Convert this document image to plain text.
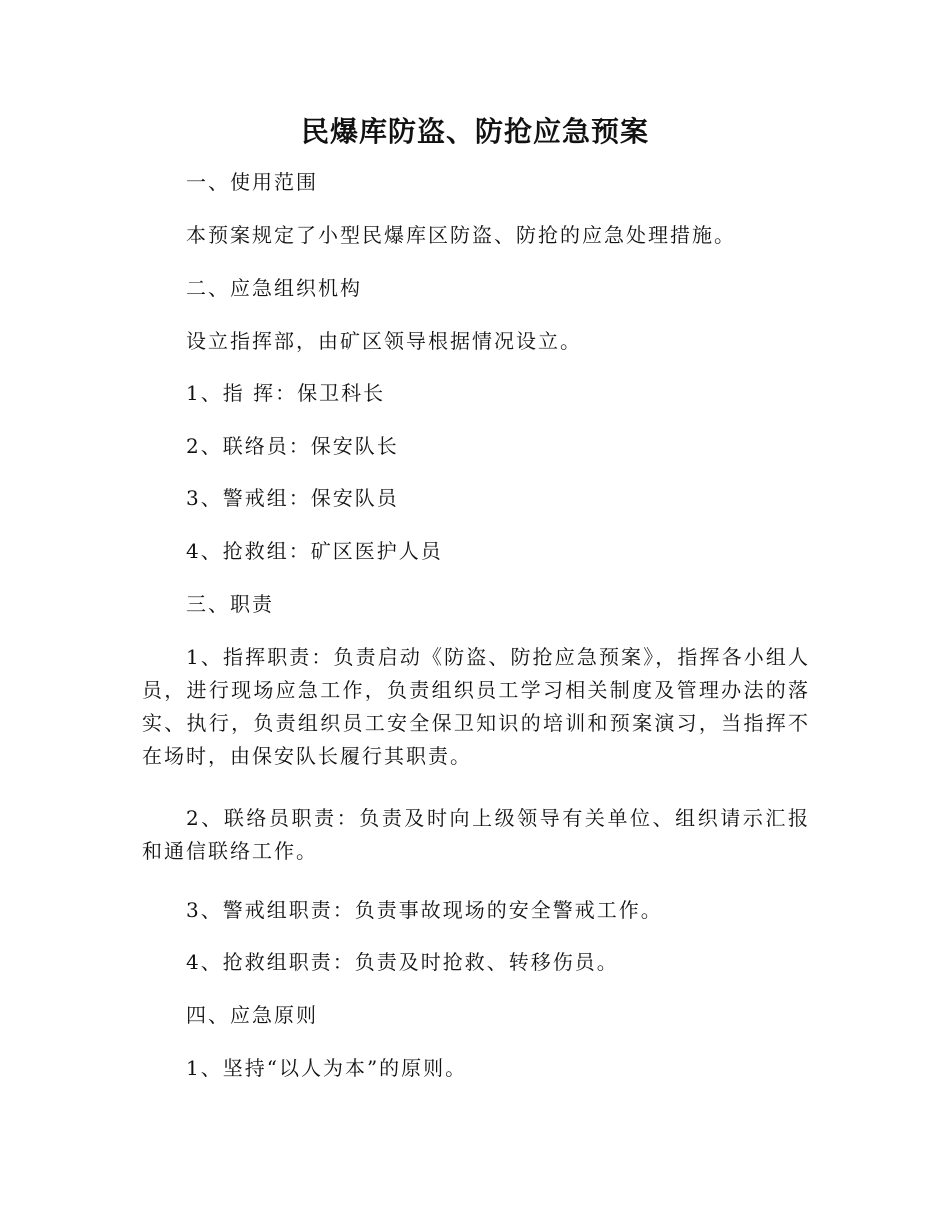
民爆库防盗、防抢应急预案
一、使用范围
本预案规定了小型民爆库区防盗、防抢的应急处理措施。
二、应急组织机构
设立指挥部，由矿区领导根据情况设立。
1、指 挥：保卫科长
2、联络员：保安队长
3、警戒组：保安队员
4、抢救组：矿区医护人员
三、职责
1、指挥职责：负责启动《防盗、防抢应急预案》，指挥各小组人员，进行现场应急工作，负责组织员工学习相关制度及管理办法的落实、执行，负责组织员工安全保卫知识的培训和预案演习，当指挥不在场时，由保安队长履行其职责。
2、联络员职责：负责及时向上级领导有关单位、组织请示汇报和通信联络工作。
3、警戒组职责：负责事故现场的安全警戒工作。
4、抢救组职责：负责及时抢救、转移伤员。
四、应急原则
1、坚持“以人为本”的原则。
